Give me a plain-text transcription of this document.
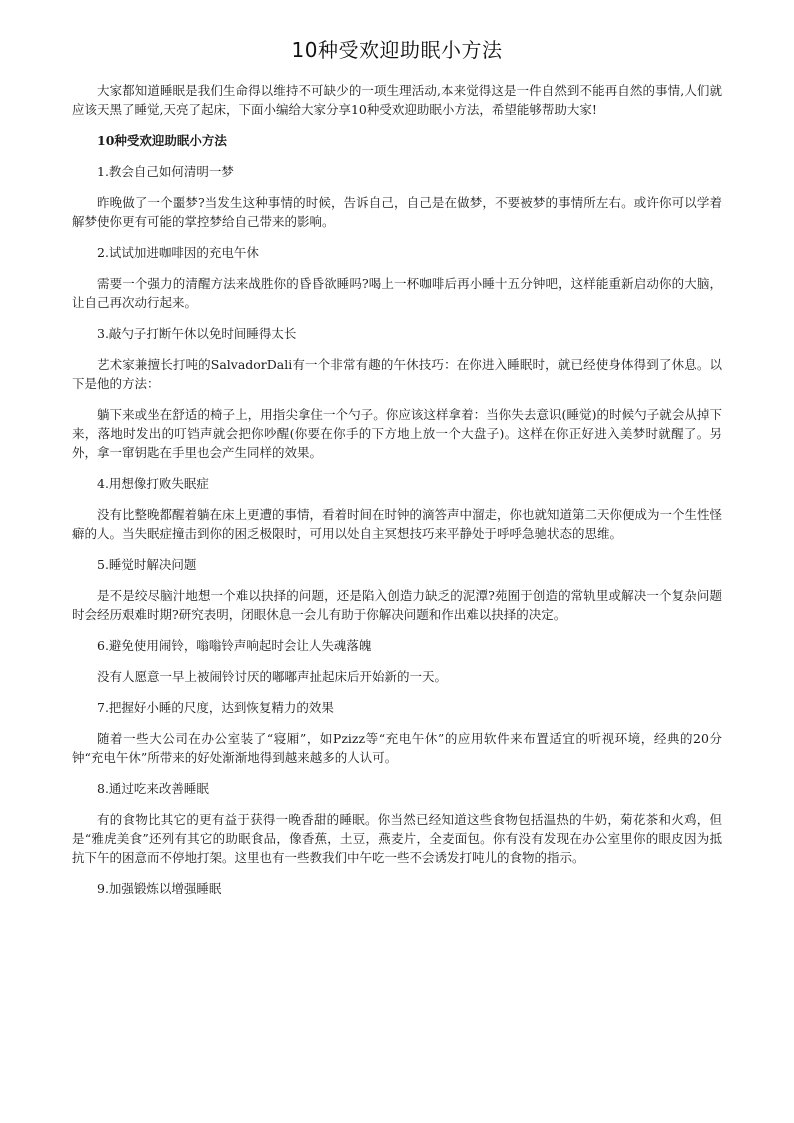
10种受欢迎助眠小方法

大家都知道睡眠是我们生命得以维持不可缺少的一项生理活动,本来觉得这是一件自然到不能再自然的事情,人们就应该天黑了睡觉,天亮了起床，下面小编给大家分享10种受欢迎助眠小方法，希望能够帮助大家!

10种受欢迎助眠小方法

1.教会自己如何清明一梦

昨晚做了一个噩梦?当发生这种事情的时候，告诉自己，自己是在做梦，不要被梦的事情所左右。或许你可以学着解梦使你更有可能的掌控梦给自己带来的影响。

2.试试加进咖啡因的充电午休

需要一个强力的清醒方法来战胜你的昏昏欲睡吗?喝上一杯咖啡后再小睡十五分钟吧，这样能重新启动你的大脑，让自己再次动行起来。

3.敲勺子打断午休以免时间睡得太长

艺术家兼擅长打吨的SalvadorDali有一个非常有趣的午休技巧：在你进入睡眠时，就已经使身体得到了休息。以下是他的方法：

躺下来或坐在舒适的椅子上，用指尖拿住一个勺子。你应该这样拿着：当你失去意识(睡觉)的时候勺子就会从掉下来，落地时发出的叮铛声就会把你吵醒(你要在你手的下方地上放一个大盘子)。这样在你正好进入美梦时就醒了。另外，拿一窜钥匙在手里也会产生同样的效果。

4.用想像打败失眠症

没有比整晚都醒着躺在床上更遭的事情，看着时间在时钟的滴答声中溜走，你也就知道第二天你便成为一个生性怪癖的人。当失眠症撞击到你的困乏极限时，可用以处自主冥想技巧来平静处于呼呼急驰状态的思维。

5.睡觉时解决问题

是不是绞尽脑汁地想一个难以抉择的问题，还是陷入创造力缺乏的泥潭?苑囿于创造的常轨里或解决一个复杂问题时会经历艰难时期?研究表明，闭眼休息一会儿有助于你解决问题和作出难以抉择的决定。

6.避免使用闹铃，嗡嗡铃声响起时会让人失魂落魄

没有人愿意一早上被闹铃讨厌的嘟嘟声扯起床后开始新的一天。

7.把握好小睡的尺度，达到恢复精力的效果

随着一些大公司在办公室装了“寝厢”，如Pzizz等“充电午休”的应用软件来布置适宜的听视环境，经典的20分钟“充电午休”所带来的好处渐渐地得到越来越多的人认可。

8.通过吃来改善睡眠

有的食物比其它的更有益于获得一晚香甜的睡眠。你当然已经知道这些食物包括温热的牛奶，菊花茶和火鸡，但是“雅虎美食”还列有其它的助眠食品，像香蕉，土豆，燕麦片，全麦面包。你有没有发现在办公室里你的眼皮因为抵抗下午的困意而不停地打架。这里也有一些教我们中午吃一些不会诱发打吨儿的食物的指示。

9.加强锻炼以增强睡眠
